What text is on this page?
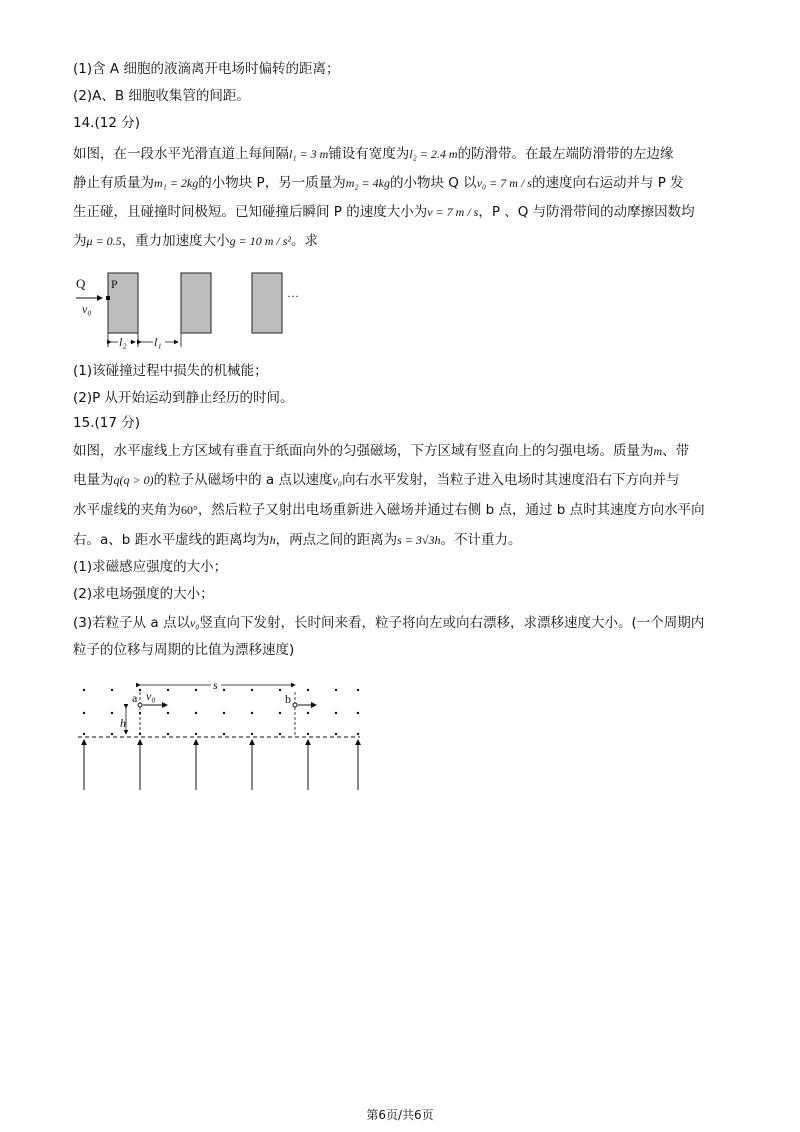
(1)含 A 细胞的液滴离开电场时偏转的距离；
(2)A、B 细胞收集管的间距。
14.(12 分)
如图，在一段水平光滑直道上每间隔l₁ = 3 m铺设有宽度为l₂ = 2.4 m的防滑带。在最左端防滑带的左边缘
静止有质量为m₁ = 2kg的小物块 P，另一质量为m₂ = 4kg的小物块 Q 以v₀ = 7 m / s的速度向右运动并与 P 发
生正碰，且碰撞时间极短。已知碰撞后瞬间 P 的速度大小为v = 7 m / s，P 、Q 与防滑带间的动摩擦因数均
为μ = 0.5，重力加速度大小g = 10 m / s²。求
Q P
v₀
···
l₂ l₁
(1)该碰撞过程中损失的机械能；
(2)P 从开始运动到静止经历的时间。
15.(17 分)
如图，水平虚线上方区域有垂直于纸面向外的匀强磁场，下方区域有竖直向上的匀强电场。质量为m、带
电量为q(q > 0)的粒子从磁场中的 a 点以速度v₀向右水平发射，当粒子进入电场时其速度沿右下方向并与
水平虚线的夹角为60°，然后粒子又射出电场重新进入磁场并通过右侧 b 点，通过 b 点时其速度方向水平向
右。a、b 距水平虚线的距离均为h，两点之间的距离为s = 3√3h。不计重力。
(1)求磁感应强度的大小；
(2)求电场强度的大小；
(3)若粒子从 a 点以v₀竖直向下发射，长时间来看，粒子将向左或向右漂移，求漂移速度大小。(一个周期内
粒子的位移与周期的比值为漂移速度)
s
a v₀
h
b
第6页/共6页
